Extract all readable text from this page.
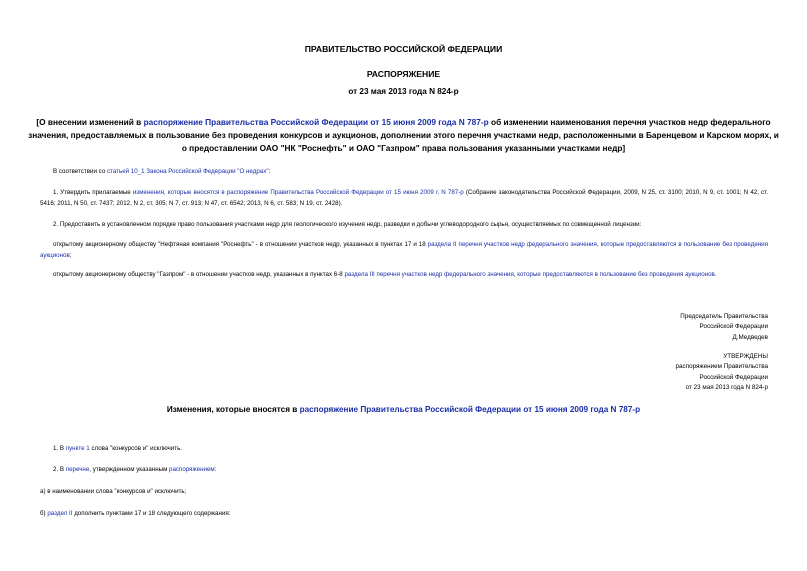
ПРАВИТЕЛЬСТВО РОССИЙСКОЙ ФЕДЕРАЦИИ
РАСПОРЯЖЕНИЕ
от 23 мая 2013 года N 824-р
[О внесении изменений в распоряжение Правительства Российской Федерации от 15 июня 2009 года N 787-р об изменении наименования перечня участков недр федерального значения, предоставляемых в пользование без проведения конкурсов и аукционов, дополнении этого перечня участками недр, расположенными в Баренцевом и Карском морях, и о предоставлении ОАО "НК "Роснефть" и ОАО "Газпром" права пользования указанными участками недр]
В соответствии со статьей 10_1 Закона Российской Федерации "О недрах":
1. Утвердить прилагаемые изменения, которые вносятся в распоряжение Правительства Российской Федерации от 15 июня 2009 г. N 787-р (Собрание законодательства Российской Федерации, 2009, N 25, ст. 3100; 2010, N 9, ст. 1001; N 42, ст. 5416; 2011, N 50, ст. 7437; 2012, N 2, ст. 305; N 7, ст. 913; N 47, ст. 6542; 2013, N 6, ст. 583; N 19, ст. 2428).
2. Предоставить в установленном порядке право пользования участками недр для геологического изучения недр, разведки и добычи углеводородного сырья, осуществляемых по совмещенной лицензии:
открытому акционерному обществу "Нефтяная компания "Роснефть" - в отношении участков недр, указанных в пунктах 17 и 18 раздела II перечня участков недр федерального значения, которые предоставляются в пользование без проведения аукционов;
открытому акционерному обществу "Газпром" - в отношении участков недр, указанных в пунктах 6-8 раздела III перечня участков недр федерального значения, которые предоставляются в пользование без проведения аукционов.
Председатель Правительства
Российской Федерации
Д.Медведев
УТВЕРЖДЕНЫ
распоряжением Правительства
Российской Федерации
от 23 мая 2013 года N 824-р
Изменения, которые вносятся в распоряжение Правительства Российской Федерации от 15 июня 2009 года N 787-р
1. В пункте 1 слова "конкурсов и" исключить.
2. В перечне, утвержденном указанным распоряжением:
а) в наименовании слова "конкурсов и" исключить;
б) раздел II дополнить пунктами 17 и 18 следующего содержания:
